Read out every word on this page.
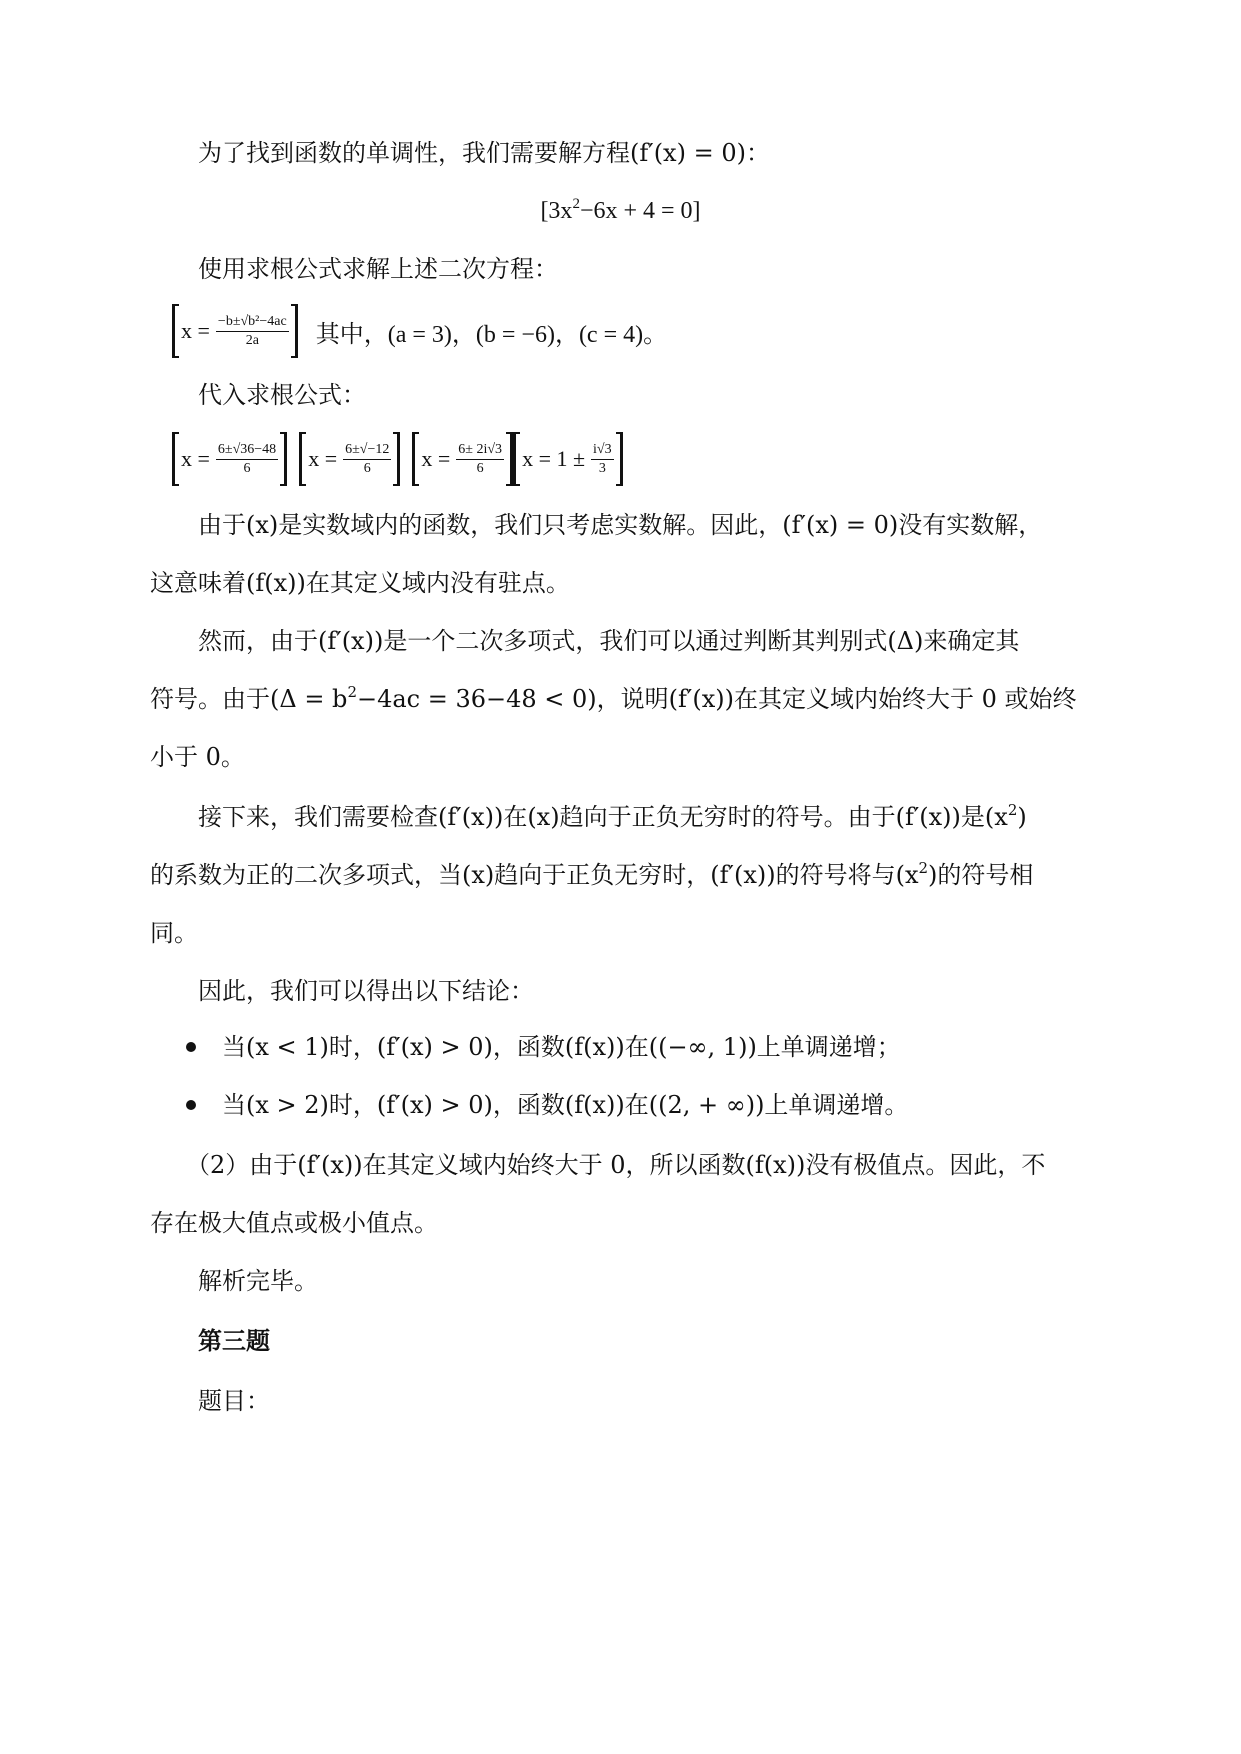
为了找到函数的单调性，我们需要解方程(f′(x) = 0)：
$[3x^2-6x + 4 = 0]$
使用求根公式求解上述二次方程：
$x = \frac{\text{−b±√b²−4ac}}{2a}$ 其中，(a = 3)，(b = −6)，(c = 4)。
代入求根公式：
$x = \frac{6\pm√36-48}{6}$ $x = \frac{6\pm√-12}{6}$ $x = \frac{6\pm 2i√3}{6}$ $x = 1 \pm \frac{i√3}{3}$
由于(x)是实数域内的函数，我们只考虑实数解。因此，(f′(x) = 0)没有实数解，
这意味着(f(x))在其定义域内没有驻点。
然而，由于(f′(x))是一个二次多项式，我们可以通过判断其判别式(Δ)来确定其
符号。由于$(\Delta = b^2-4ac = 36-48 < 0)$，说明(f′(x))在其定义域内始终大于 0 或始终
小于 0。
接下来，我们需要检查(f′(x))在(x)趋向于正负无穷时的符号。由于(f′(x))是$(x^2)$
的系数为正的二次多项式，当(x)趋向于正负无穷时，(f′(x))的符号将与$(x^2)$的符号相
同。
因此，我们可以得出以下结论：
当(x < 1)时，(f′(x) > 0)，函数(f(x))在((−∞, 1))上单调递增；
当(x > 2)时，(f′(x) > 0)，函数(f(x))在((2, + ∞))上单调递增。
（2）由于(f′(x))在其定义域内始终大于 0，所以函数(f(x))没有极值点。因此，不
存在极大值点或极小值点。
解析完毕。
第三题
题目：
